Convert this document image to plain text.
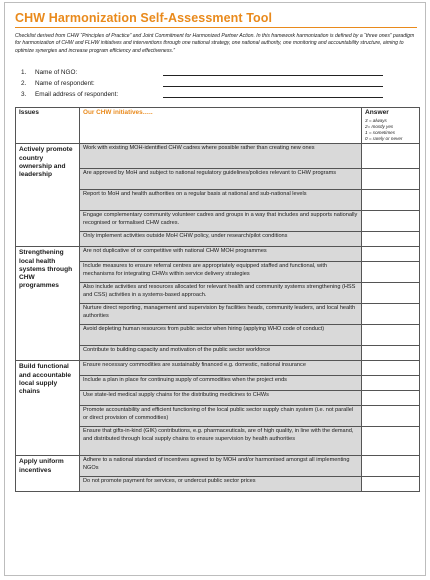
CHW Harmonization Self-Assessment Tool
Checklist derived from CHW “Principles of Practice” and Joint Commitment for Harmonized Partner Action. In this framework harmonization is defined by a “three ones” paradigm for harmonization of CHW and FLHW initiatives and interventions through one national strategy, one national authority, one monitoring and accountability structure, aiming to optimize synergies and increase program efficiency and effectiveness.”
1.	Name of NGO:
2.	Name of respondent:
3.	Email address of respondent:
Issues	Our CHW initiatives…..	Answer
3 = always
2= mostly yes
1 = sometimes
0 = rarely or never

Actively promote country ownership and leadership	Work with existing MOH-identified CHW cadres where possible rather than creating new ones	
	Are approved by MoH and subject to national regulatory guidelines/policies relevant to CHW programs	
	Report to MoH and health authorities on a regular basis at national and sub-national levels	
	Engage complementary community volunteer cadres and groups in a way that includes and supports nationally recognised or formalised CHW cadres.	
	Only implement activities outside MoH CHW policy, under research/pilot conditions	
Strengthening local health systems through CHW programmes	Are not duplicative of or competitive with national CHW MOH programmes	
	Include measures to ensure referral centres are appropriately equipped staffed and functional, with mechanisms for integrating CHWs within service delivery strategies	
	Also include activities and resources allocated for relevant health and community systems strengthening (HSS and CSS) activities in a systems-based approach.	
	Nurture direct reporting, management and supervision by facilities heads, community leaders, and local health authorities	
	Avoid depleting human resources from public sector when hiring (applying WHO code of conduct)	
	Contribute to building capacity and motivation of the public sector workforce	
Build functional and accountable local supply chains	Ensure necessary commodities are sustainably financed e.g. domestic, national insurance	
	Include a plan in place for continuing supply of commodities when the project ends	
	Use state-led medical supply chains for the distributing medicines to CHWs	
	Promote accountability and efficient functioning of the local public sector supply chain system (i.e. not parallel or direct provision of commodities)	
	Ensure that gifts-in-kind (GIK) contributions, e.g. pharmaceuticals, are of high quality, in line with the demand, and distributed through local supply chains to ensure supervision by health authorities	
Apply uniform incentives	Adhere to a national standard of incentives agreed to by MOH and/or harmonised amongst all implementing NGOs	
	Do not promote payment for services, or undercut public sector prices	
